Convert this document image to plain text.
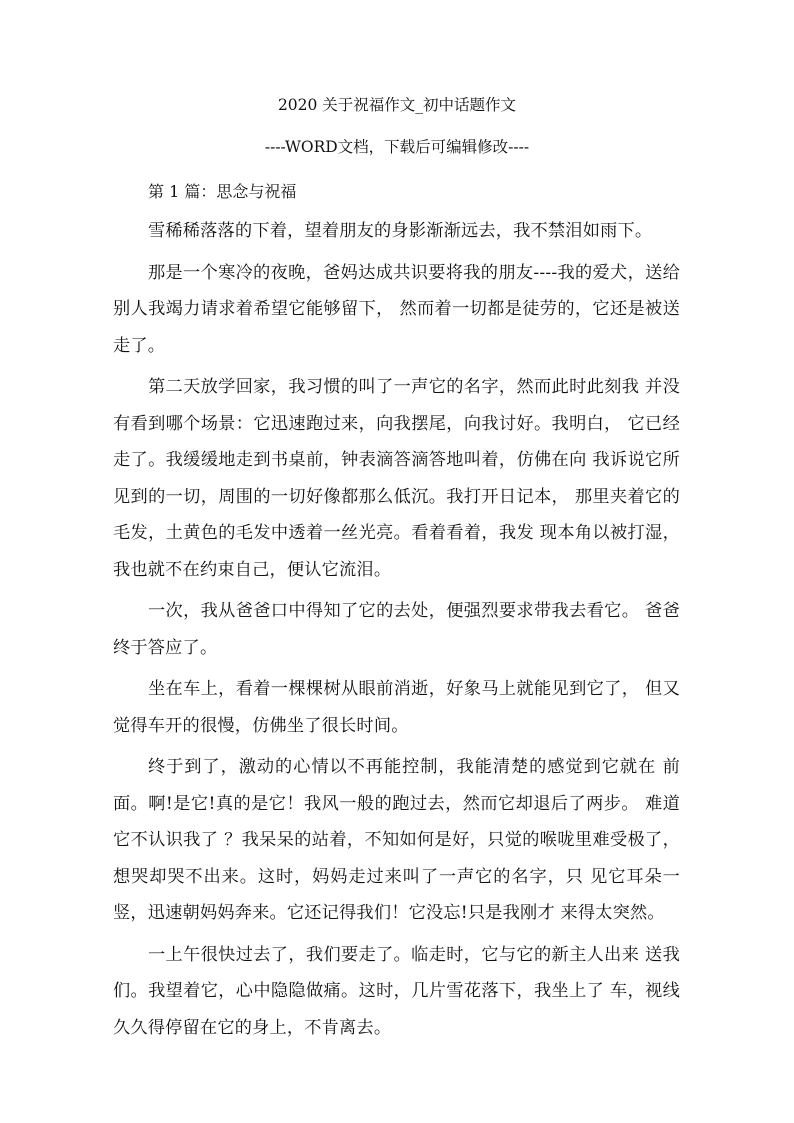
2020 关于祝福作文_初中话题作文
----WORD文档，下载后可编辑修改----

第 1 篇：思念与祝福

雪稀稀落落的下着，望着朋友的身影渐渐远去，我不禁泪如雨下。

那是一个寒冷的夜晚，爸妈达成共识要将我的朋友----我的爱犬，送给别人我竭力请求着希望它能够留下， 然而着一切都是徒劳的，它还是被送走了。

第二天放学回家，我习惯的叫了一声它的名字，然而此时此刻我 并没有看到哪个场景：它迅速跑过来，向我摆尾，向我讨好。我明白， 它已经走了。我缓缓地走到书桌前，钟表滴答滴答地叫着，仿佛在向 我诉说它所见到的一切，周围的一切好像都那么低沉。我打开日记本， 那里夹着它的毛发，土黄色的毛发中透着一丝光亮。看着看着，我发 现本角以被打湿，我也就不在约束自己，便认它流泪。

一次，我从爸爸口中得知了它的去处，便强烈要求带我去看它。 爸爸终于答应了。

坐在车上，看着一棵棵树从眼前消逝，好象马上就能见到它了， 但又觉得车开的很慢，仿佛坐了很长时间。

终于到了，激动的心情以不再能控制，我能清楚的感觉到它就在 前面。啊!是它!真的是它！我风一般的跑过去，然而它却退后了两步。 难道它不认识我了 ？我呆呆的站着，不知如何是好，只觉的喉咙里难受极了，想哭却哭不出来。这时，妈妈走过来叫了一声它的名字，只 见它耳朵一竖，迅速朝妈妈奔来。它还记得我们！它没忘!只是我刚才 来得太突然。

一上午很快过去了，我们要走了。临走时，它与它的新主人出来 送我们。我望着它，心中隐隐做痛。这时，几片雪花落下，我坐上了 车，视线久久得停留在它的身上，不肯离去。
